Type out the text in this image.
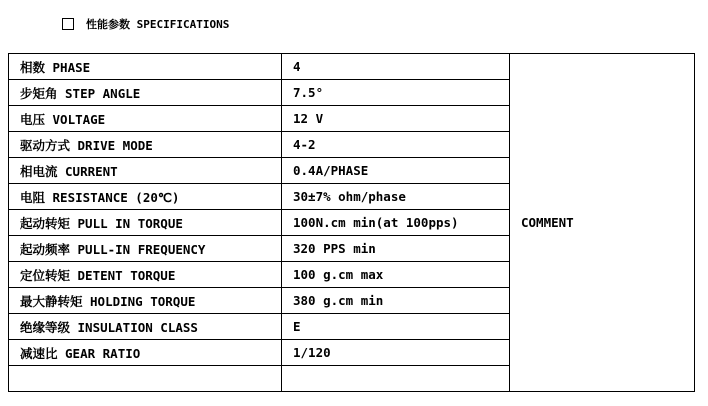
性能参数 SPECIFICATIONS
相数 PHASE	4	COMMENT
步矩角 STEP ANGLE	7.5°	
电压 VOLTAGE	12 V	
驱动方式 DRIVE MODE	4-2	
相电流 CURRENT	0.4A/PHASE	
电阻 RESISTANCE (20℃)	30±7% ohm/phase	
起动转矩 PULL IN TORQUE	100N.cm min(at 100pps)	
起动频率 PULL-IN FREQUENCY	320 PPS min	
定位转矩 DETENT TORQUE	100 g.cm max	
最大静转矩 HOLDING TORQUE	380 g.cm min	
绝缘等级 INSULATION CLASS	E	
减速比 GEAR RATIO	1/120	
